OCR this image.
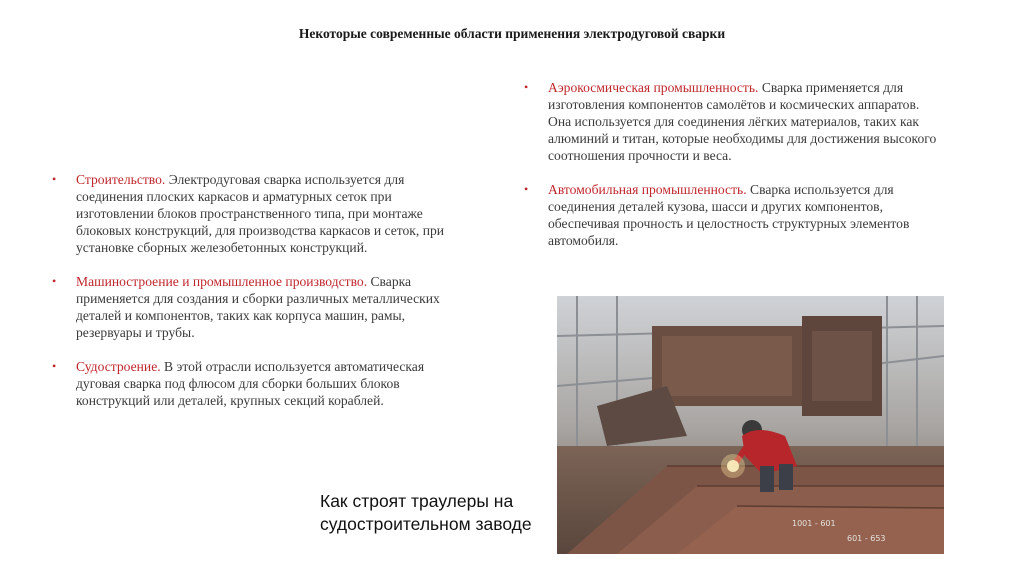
Некоторые современные области применения электродуговой сварки
• Строительство. Электродуговая сварка используется для соединения плоских каркасов и арматурных сеток при изготовлении блоков пространственного типа, при монтаже блоковых конструкций, для производства каркасов и сеток, при установке сборных железобетонных конструкций.
• Машиностроение и промышленное производство. Сварка применяется для создания и сборки различных металлических деталей и компонентов, таких как корпуса машин, рамы, резервуары и трубы.
• Судостроение. В этой отрасли используется автоматическая дуговая сварка под флюсом для сборки больших блоков конструкций или деталей, крупных секций кораблей.
• Аэрокосмическая промышленность. Сварка применяется для изготовления компонентов самолётов и космических аппаратов. Она используется для соединения лёгких материалов, таких как алюминий и титан, которые необходимы для достижения высокого соотношения прочности и веса.
• Автомобильная промышленность. Сварка используется для соединения деталей кузова, шасси и других компонентов, обеспечивая прочность и целостность структурных элементов автомобиля.
Как строят траулеры на судостроительном заводе	1001 - 601
601 - 653
